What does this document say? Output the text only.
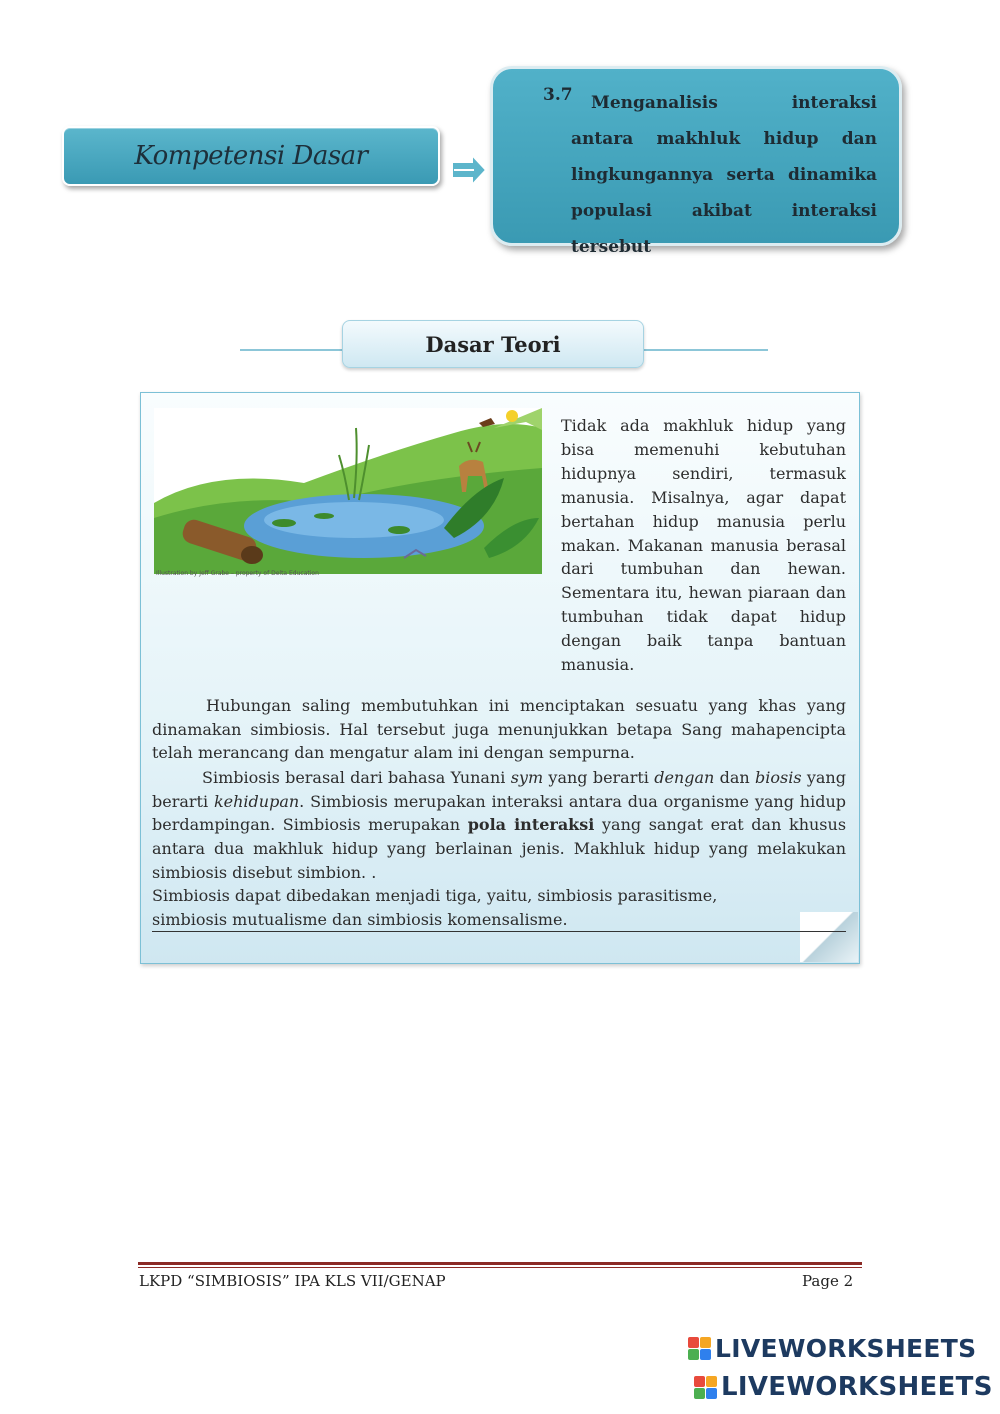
Kompetensi Dasar
3.7	Menganalisis interaksi antara makhluk hidup dan lingkungannya serta dinamika populasi akibat interaksi tersebut
Dasar Teori
Illustration by Jeff Grabe – property of Delta Education
Tidak ada makhluk hidup yang bisa memenuhi kebutuhan hidupnya sendiri, termasuk manusia. Misalnya, agar dapat bertahan hidup manusia perlu makan. Makanan manusia berasal dari tumbuhan dan hewan. Sementara itu, hewan piaraan dan tumbuhan tidak dapat hidup dengan baik tanpa bantuan manusia.
Hubungan saling membutuhkan ini menciptakan sesuatu yang khas yang dinamakan simbiosis. Hal tersebut juga menunjukkan betapa Sang mahapencipta telah merancang dan mengatur alam ini dengan sempurna.
Simbiosis berasal dari bahasa Yunani sym yang berarti dengan dan biosis yang berarti kehidupan. Simbiosis merupakan interaksi antara dua organisme yang hidup berdampingan. Simbiosis merupakan pola interaksi yang sangat erat dan khusus antara dua makhluk hidup yang berlainan jenis. Makhluk hidup yang melakukan simbiosis disebut simbion. .
Simbiosis dapat dibedakan menjadi tiga, yaitu, simbiosis parasitisme,
simbiosis mutualisme dan simbiosis komensalisme.
LKPD “SIMBIOSIS” IPA KLS VII/GENAP	Page 2
LIVEWORKSHEETS
LIVEWORKSHEETS
